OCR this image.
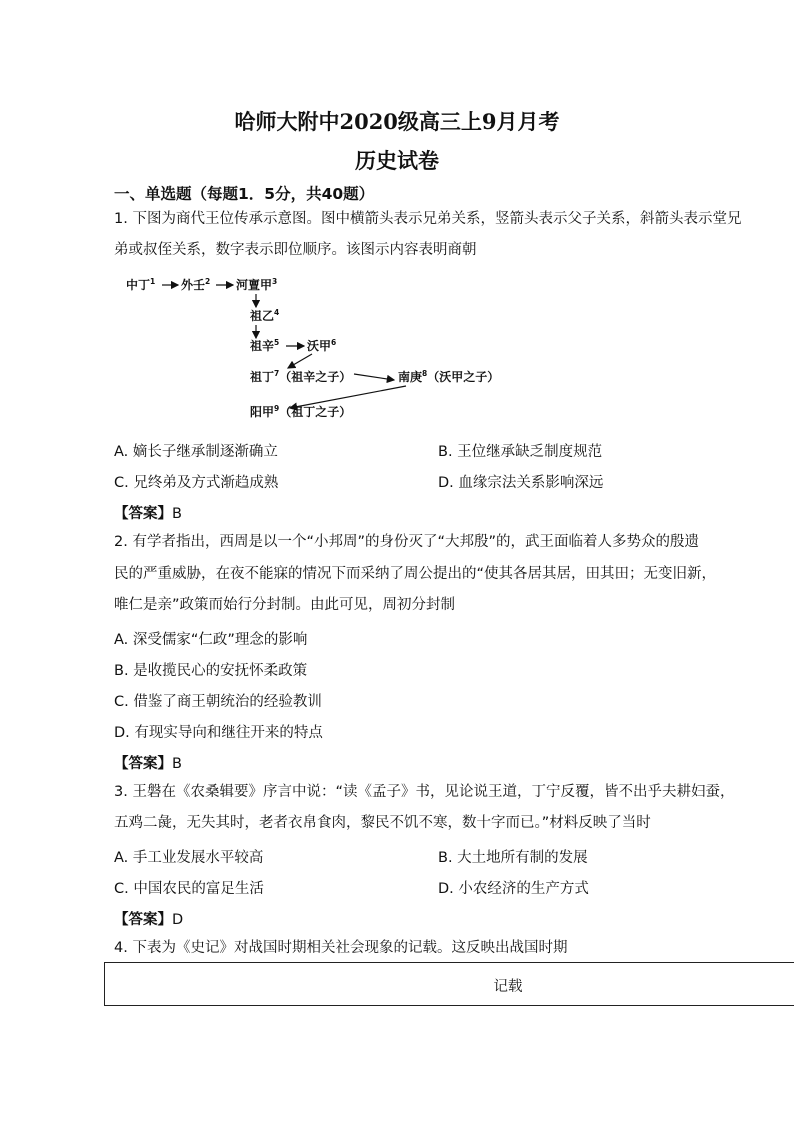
哈师大附中2020级高三上9月月考
历史试卷
一、单选题（每题1．5分，共40题）
1. 下图为商代王位传承示意图。图中横箭头表示兄弟关系，竖箭头表示父子关系，斜箭头表示堂兄
弟或叔侄关系，数字表示即位顺序。该图示内容表明商朝
中丁$^1$ 外壬$^2$ 河亶甲$^3$
祖乙$^4$
祖辛$^5$ 沃甲$^6$
祖丁$^7$（祖辛之子）	南庚$^8$（沃甲之子）
阳甲$^9$（祖丁之子）
A. 嫡长子继承制逐渐确立	B. 王位继承缺乏制度规范
C. 兄终弟及方式渐趋成熟	D. 血缘宗法关系影响深远
【答案】B
2. 有学者指出，西周是以一个“小邦周”的身份灭了“大邦殷”的，武王面临着人多势众的殷遗
民的严重威胁，在夜不能寐的情况下而采纳了周公提出的“使其各居其居，田其田；无变旧新，
唯仁是亲”政策而始行分封制。由此可见，周初分封制
A. 深受儒家“仁政”理念的影响
B. 是收揽民心的安抚怀柔政策
C. 借鉴了商王朝统治的经验教训
D. 有现实导向和继往开来的特点
【答案】B
3. 王磐在《农桑辑要》序言中说：“读《孟子》书，见论说王道，丁宁反覆，皆不出乎夫耕妇蚕，
五鸡二彘，无失其时，老者衣帛食肉，黎民不饥不寒，数十字而已。”材料反映了当时
A. 手工业发展水平较高	B. 大土地所有制的发展
C. 中国农民的富足生活	D. 小农经济的生产方式
【答案】D
4. 下表为《史记》对战国时期相关社会现象的记载。这反映出战国时期
记载
